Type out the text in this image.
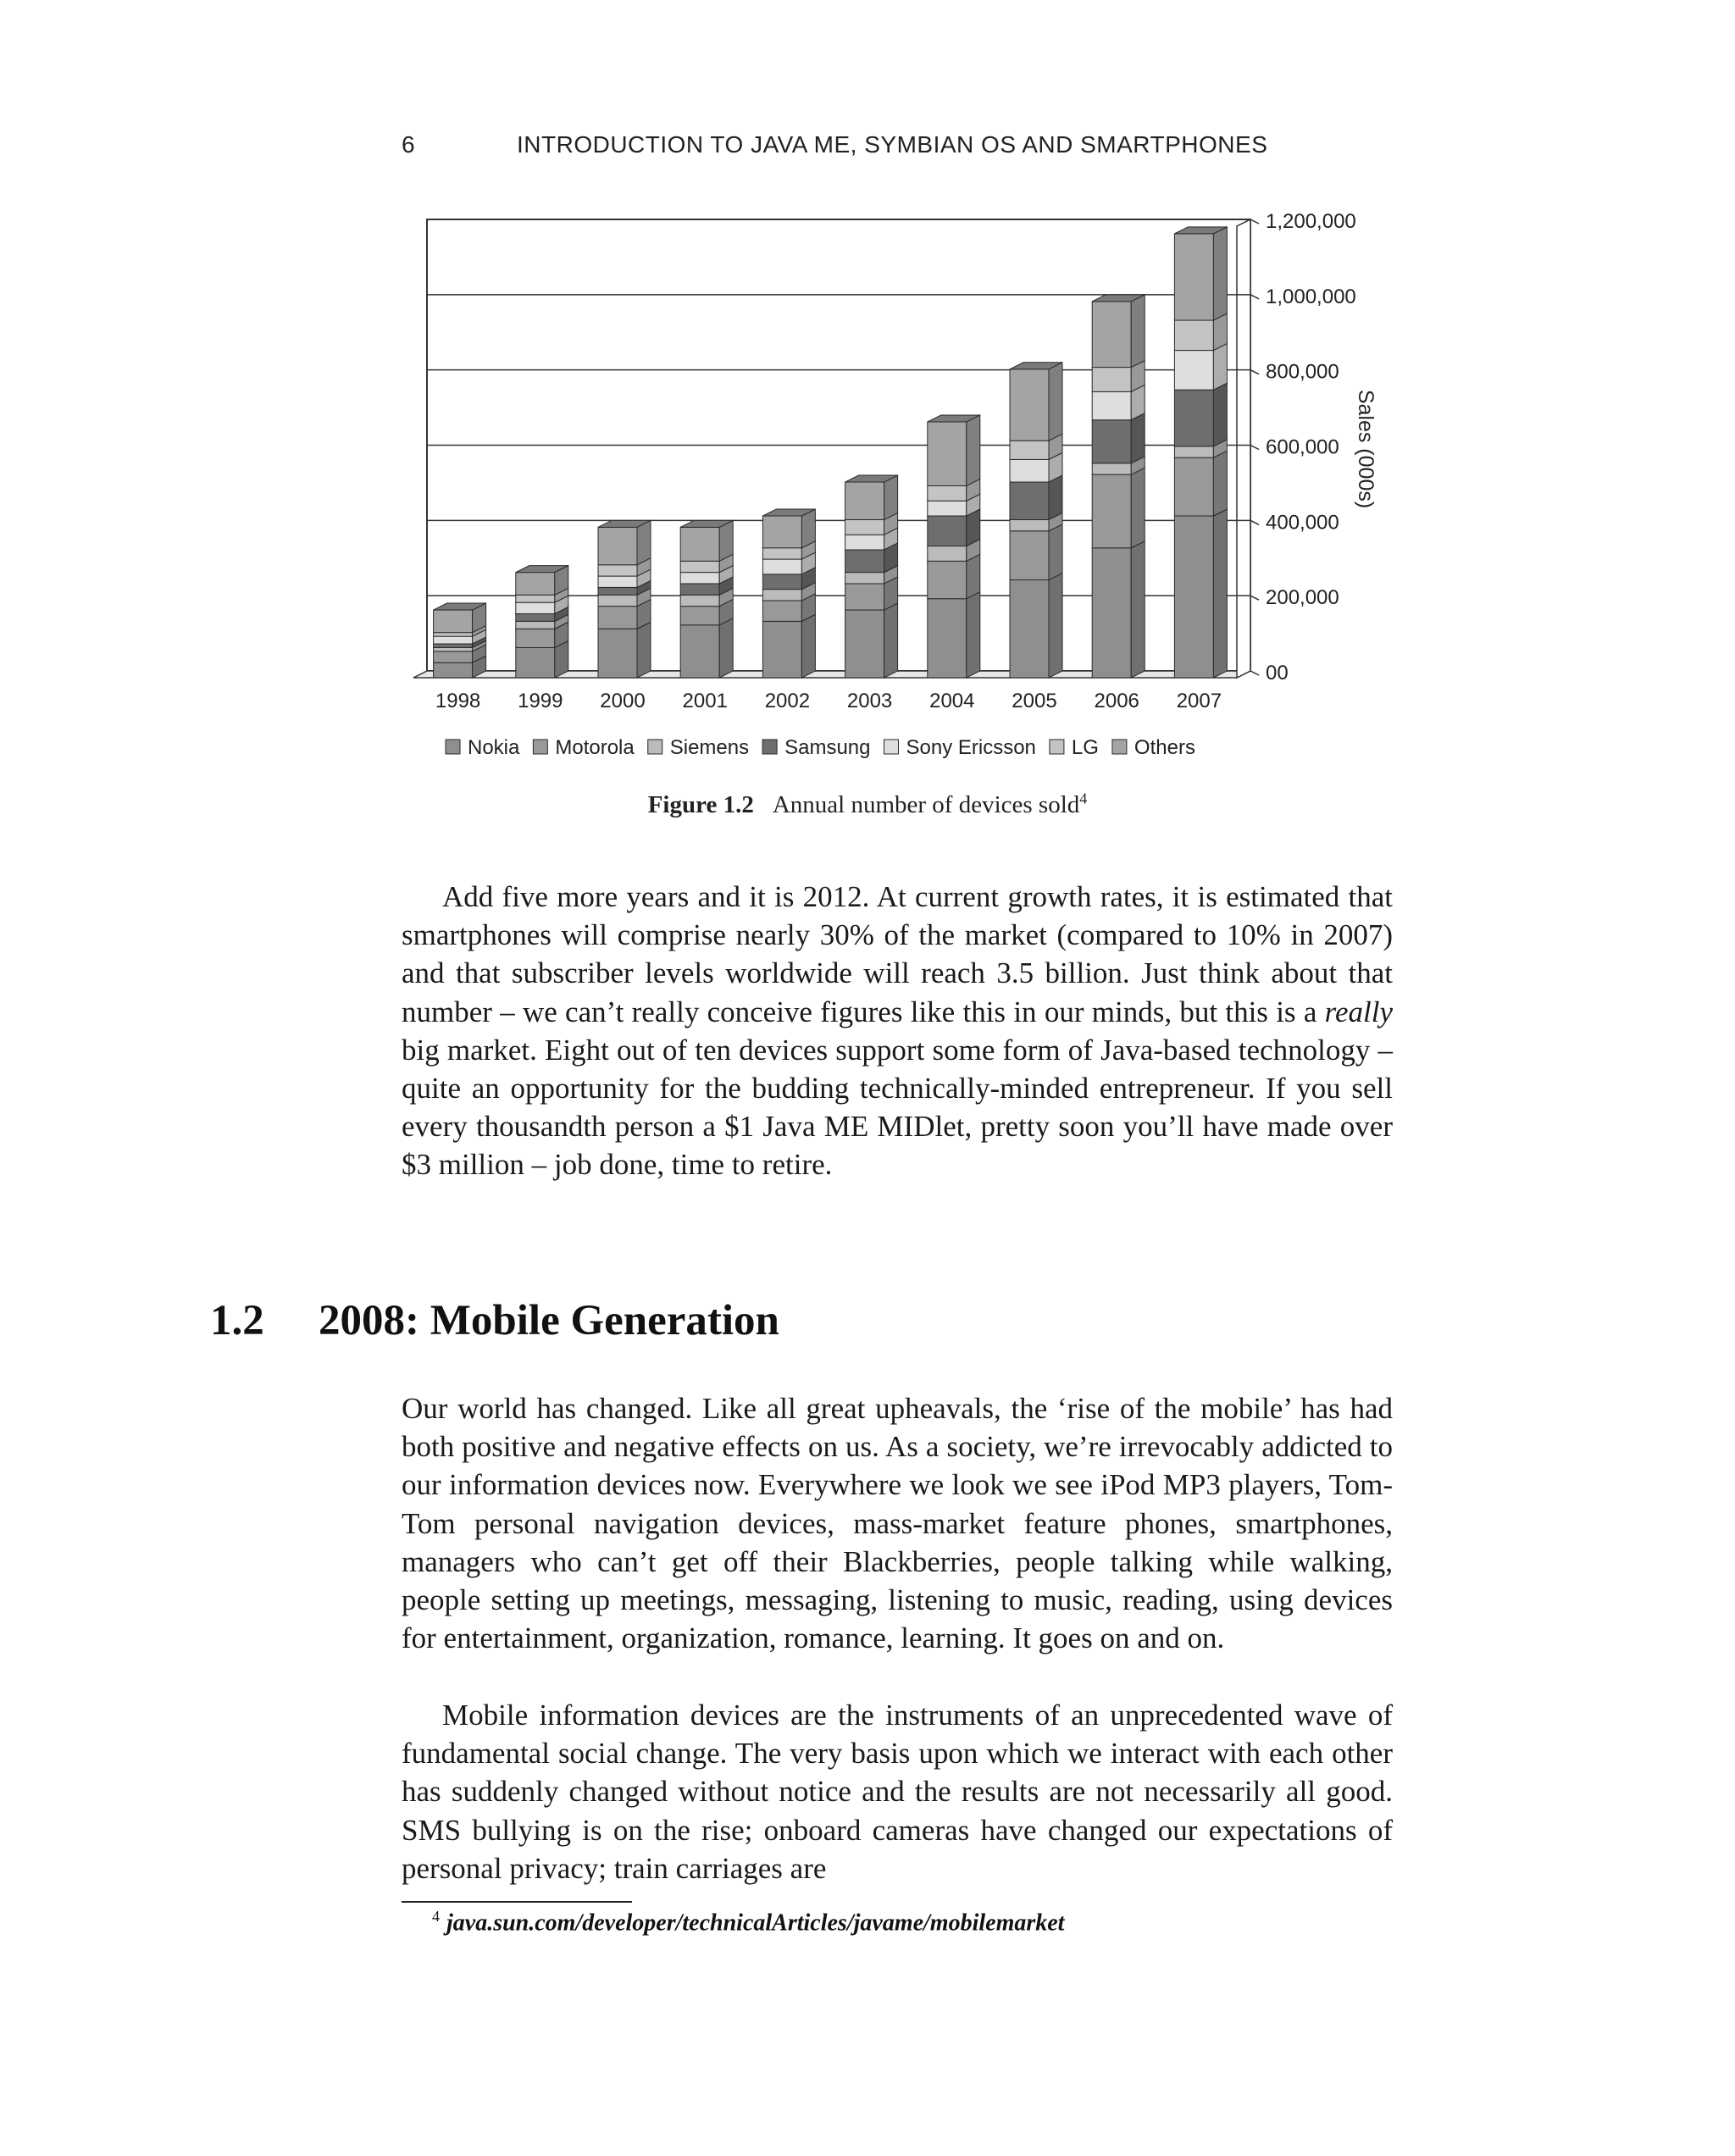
6	INTRODUCTION TO JAVA ME, SYMBIAN OS AND SMARTPHONES
00
200,000
400,000
600,000
800,000
1,000,000
1,200,000
1998 1999 2000 2001 2002 2003 2004 2005 2006 2007
Sales (000s)
Nokia Motorola Siemens Samsung Sony Ericsson LG Others
Figure 1.2 Annual number of devices sold$^4$

Add five more years and it is 2012. At current growth rates, it is estimated that smartphones will comprise nearly 30% of the market (compared to 10% in 2007) and that subscriber levels worldwide will reach 3.5 billion. Just think about that number – we can’t really conceive figures like this in our minds, but this is a really big market. Eight out of ten devices support some form of Java-based technology – quite an opportunity for the budding technically-minded entrepreneur. If you sell every thousandth person a $1 Java ME MIDlet, pretty soon you’ll have made over $3 million – job done, time to retire.

1.2 2008: Mobile Generation

Our world has changed. Like all great upheavals, the ‘rise of the mobile’ has had both positive and negative effects on us. As a society, we’re irrevocably addicted to our information devices now. Everywhere we look we see iPod MP3 players, Tom-Tom personal navigation devices, mass-market feature phones, smartphones, managers who can’t get off their Blackberries, people talking while walking, people setting up meetings, messaging, listening to music, reading, using devices for entertainment, organization, romance, learning. It goes on and on.

Mobile information devices are the instruments of an unprecedented wave of fundamental social change. The very basis upon which we interact with each other has suddenly changed without notice and the results are not necessarily all good. SMS bullying is on the rise; onboard cameras have changed our expectations of personal privacy; train carriages are

$^4$ java.sun.com/developer/technicalArticles/javame/mobilemarket
